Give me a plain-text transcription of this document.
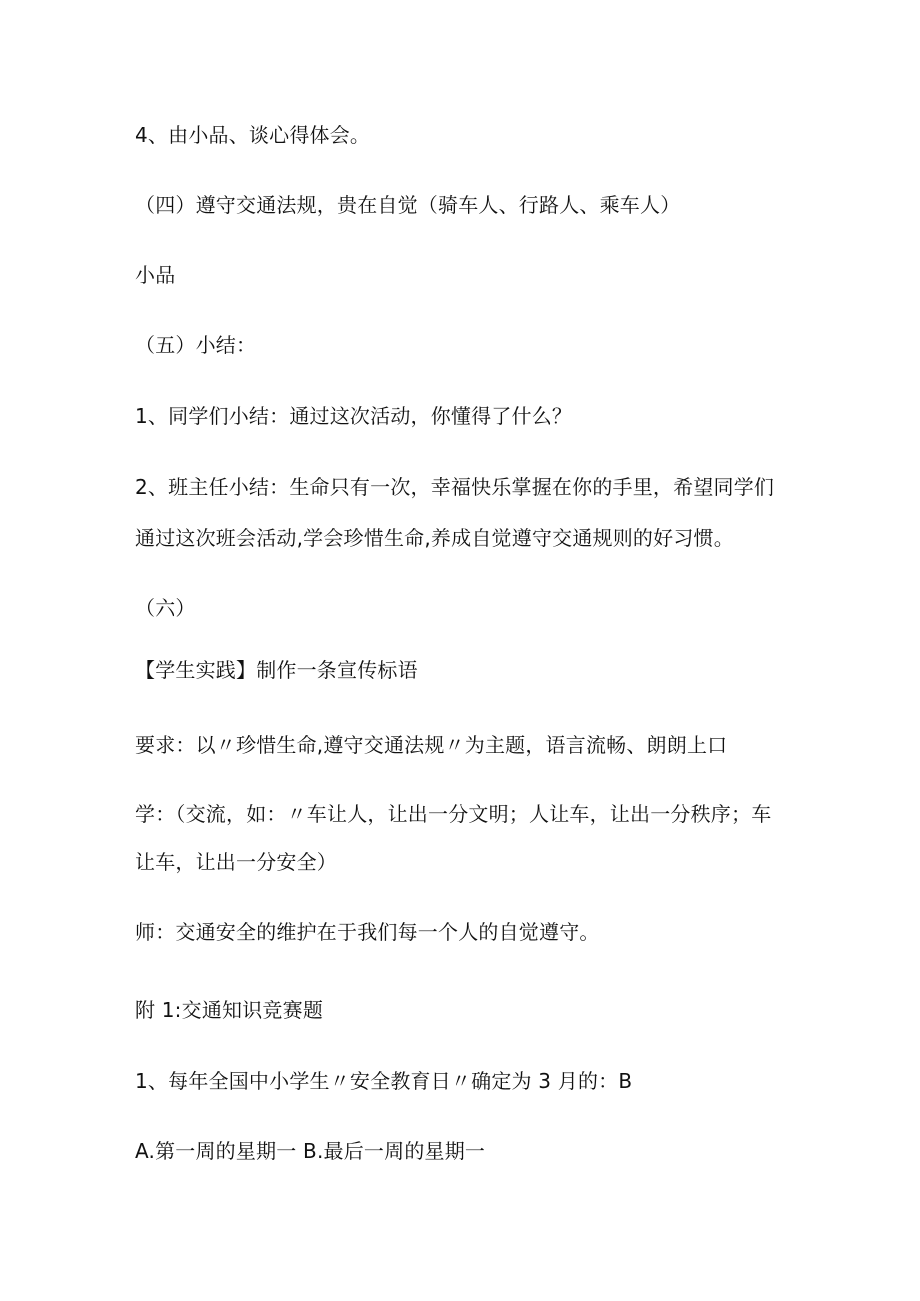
4、由小品、谈心得体会。
（四）遵守交通法规，贵在自觉（骑车人、行路人、乘车人）
小品
（五）小结：
1、同学们小结：通过这次活动，你懂得了什么？
2、班主任小结：生命只有一次，幸福快乐掌握在你的手里，希望同学们
通过这次班会活动,学会珍惜生命,养成自觉遵守交通规则的好习惯。
（六）
【学生实践】制作一条宣传标语
要求：以〃珍惜生命,遵守交通法规〃为主题，语言流畅、朗朗上口
学：（交流，如：〃车让人，让出一分文明；人让车，让出一分秩序；车
让车，让出一分安全）
师：交通安全的维护在于我们每一个人的自觉遵守。
附 1:交通知识竞赛题
1、每年全国中小学生〃安全教育日〃确定为 3 月的：B
A.第一周的星期一 B.最后一周的星期一
